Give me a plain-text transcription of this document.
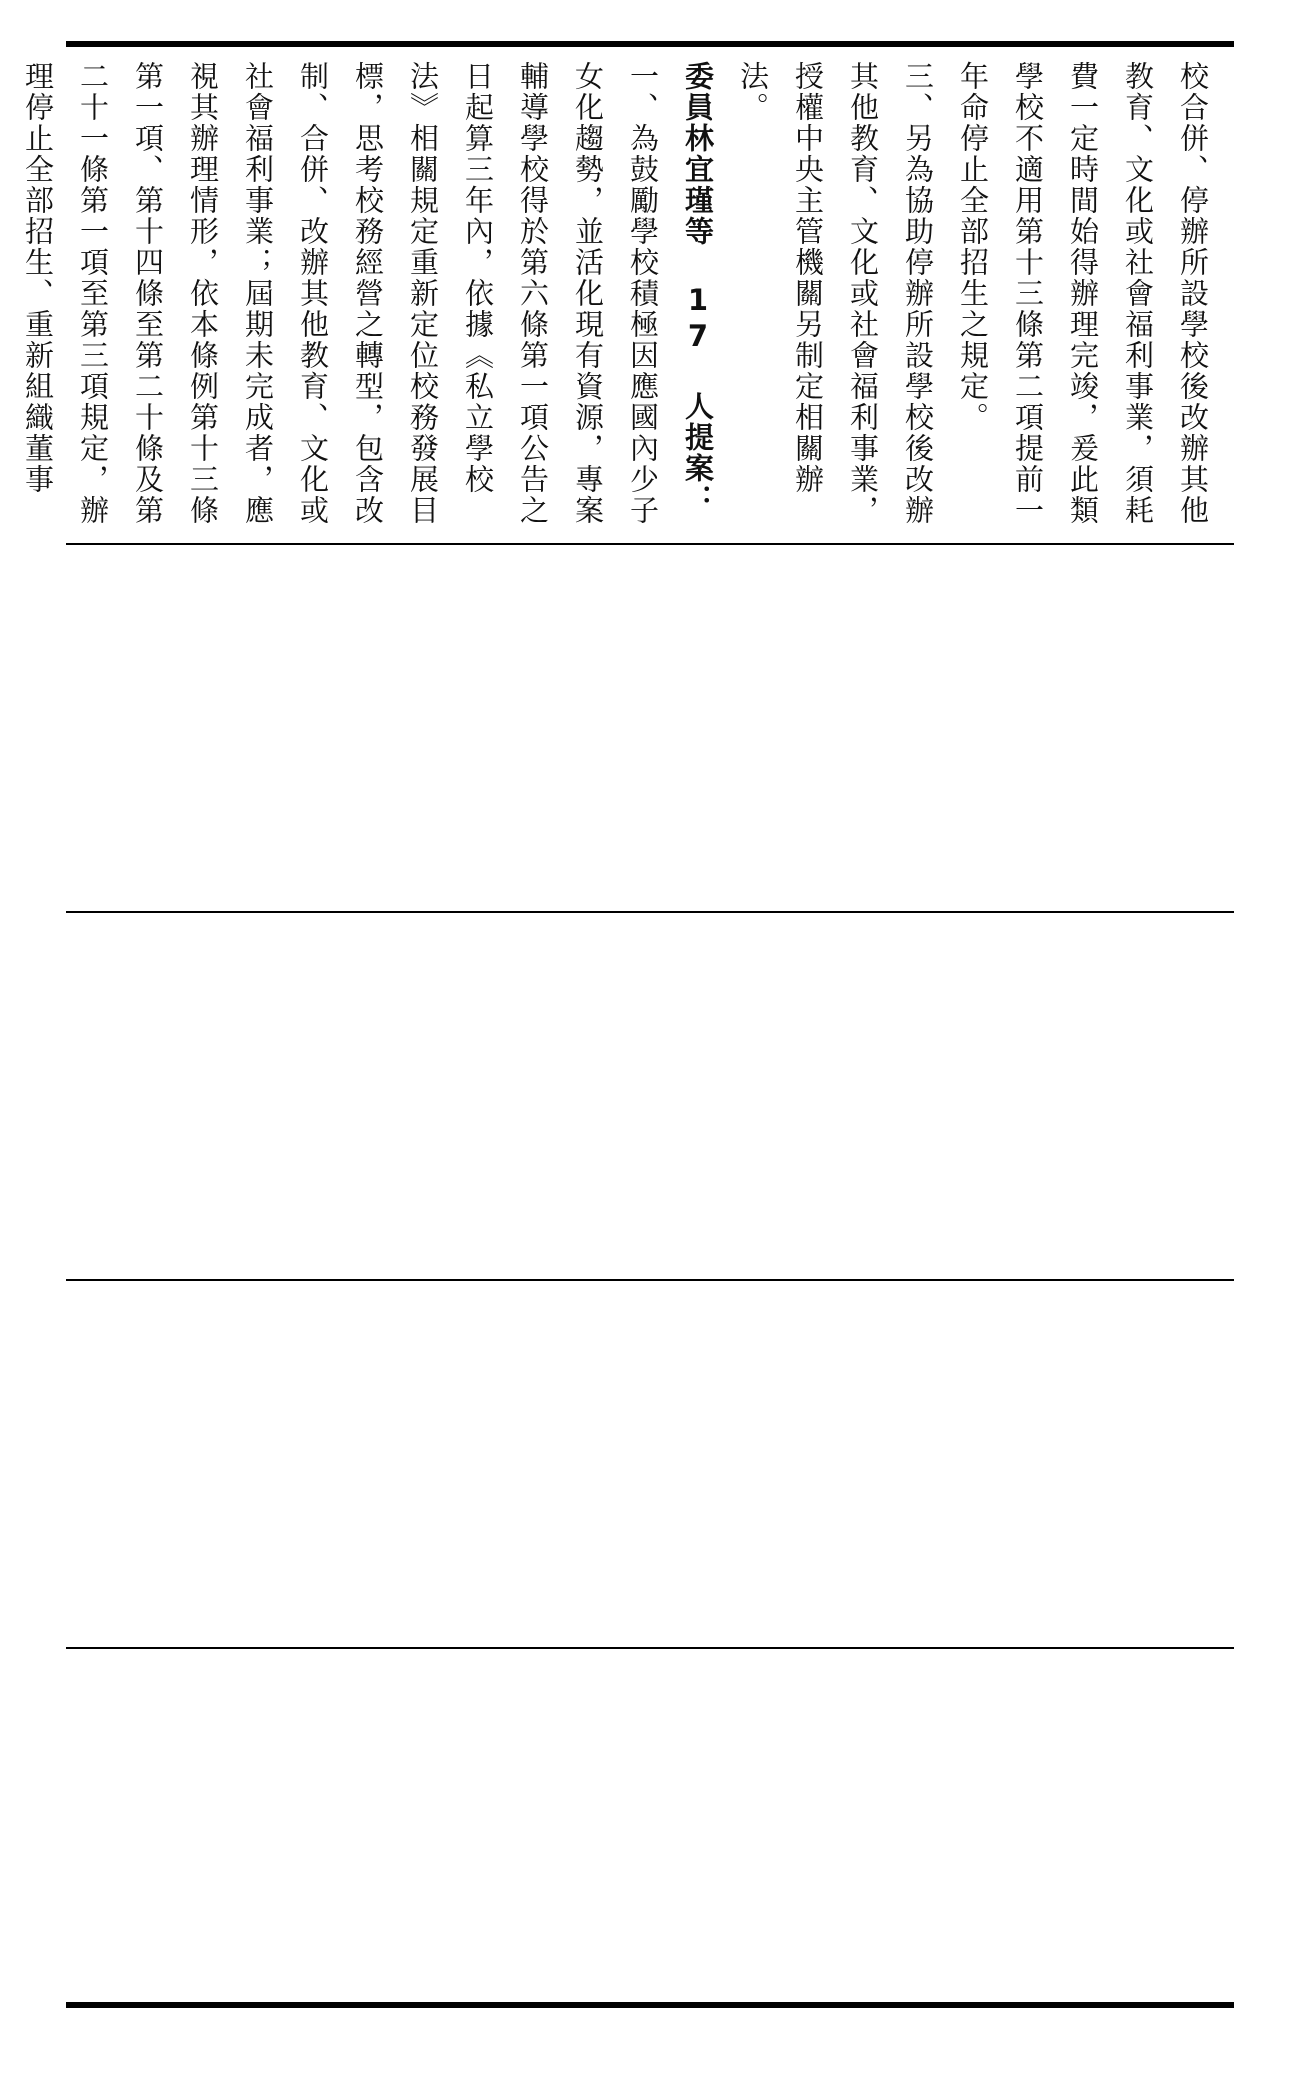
校合併、停辦所設學校後改辦其他教育、文化或社會福利事業，須耗費一定時間始得辦理完竣，爰此類學校不適用第十三條第二項提前一年命停止全部招生之規定。

三、另為協助停辦所設學校後改辦其他教育、文化或社會福利事業，授權中央主管機關另制定相關辦法。

委員林宜瑾等 17 人提案：

一、為鼓勵學校積極因應國內少子女化趨勢，並活化現有資源，專案輔導學校得於第六條第一項公告之日起算三年內，依據《私立學校法》相關規定重新定位校務發展目標，思考校務經營之轉型，包含改制、合併、改辦其他教育、文化或社會福利事業；屆期未完成者，應視其辦理情形，依本條例第十三條第一項、第十四條至第二十條及第二十一條第一項至第三項規定，辦理停止全部招生、重新組織董事
